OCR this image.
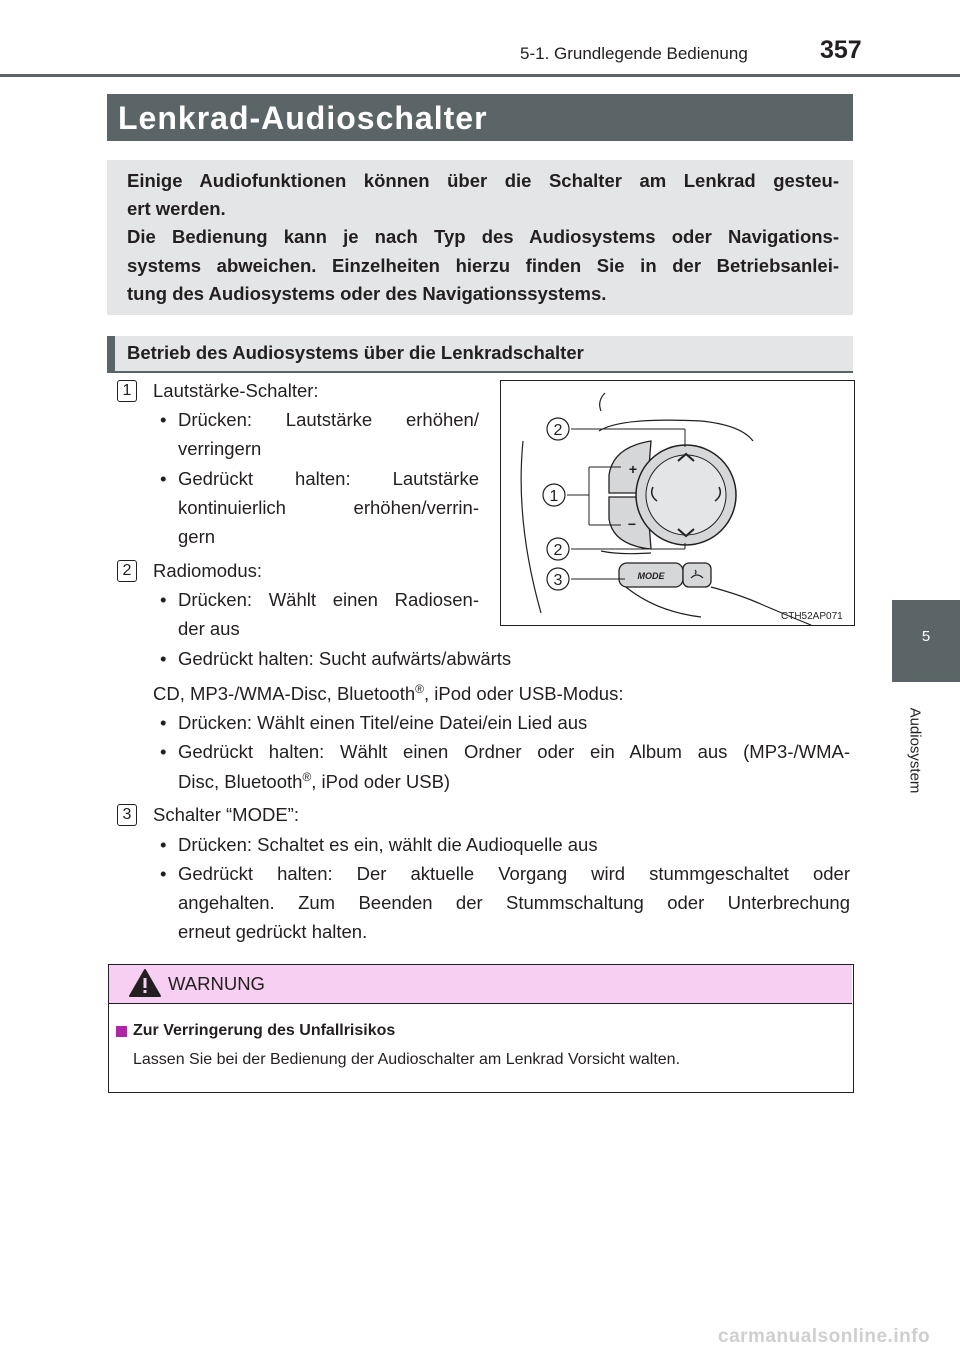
5-1. Grundlegende Bedienung	357
5
Audiosystem
Lenkrad-Audioschalter
Einige Audiofunktionen können über die Schalter am Lenkrad gesteu-
ert werden.
Die Bedienung kann je nach Typ des Audiosystems oder Navigations-
systems abweichen. Einzelheiten hierzu finden Sie in der Betriebsanlei-
tung des Audiosystems oder des Navigationssystems.
Betrieb des Audiosystems über die Lenkradschalter
1 Lautstärke-Schalter:
• Drücken: Lautstärke erhöhen/
verringern
• Gedrückt halten: Lautstärke
kontinuierlich erhöhen/verrin-
gern
2 Radiomodus:
• Drücken: Wählt einen Radiosen-
der aus
• Gedrückt halten: Sucht aufwärts/abwärts
CD, MP3-/WMA-Disc, Bluetooth®, iPod oder USB-Modus:
• Drücken: Wählt einen Titel/eine Datei/ein Lied aus
• Gedrückt halten: Wählt einen Ordner oder ein Album aus (MP3-/WMA-
Disc, Bluetooth®, iPod oder USB)
3 Schalter “MODE”:
• Drücken: Schaltet es ein, wählt die Audioquelle aus
• Gedrückt halten: Der aktuelle Vorgang wird stummgeschaltet oder
angehalten. Zum Beenden der Stummschaltung oder Unterbrechung
erneut gedrückt halten.
2
1
2
3
+
−
MODE
CTH52AP071
WARNUNG
Zur Verringerung des Unfallrisikos
Lassen Sie bei der Bedienung der Audioschalter am Lenkrad Vorsicht walten.
carmanualsonline.info
